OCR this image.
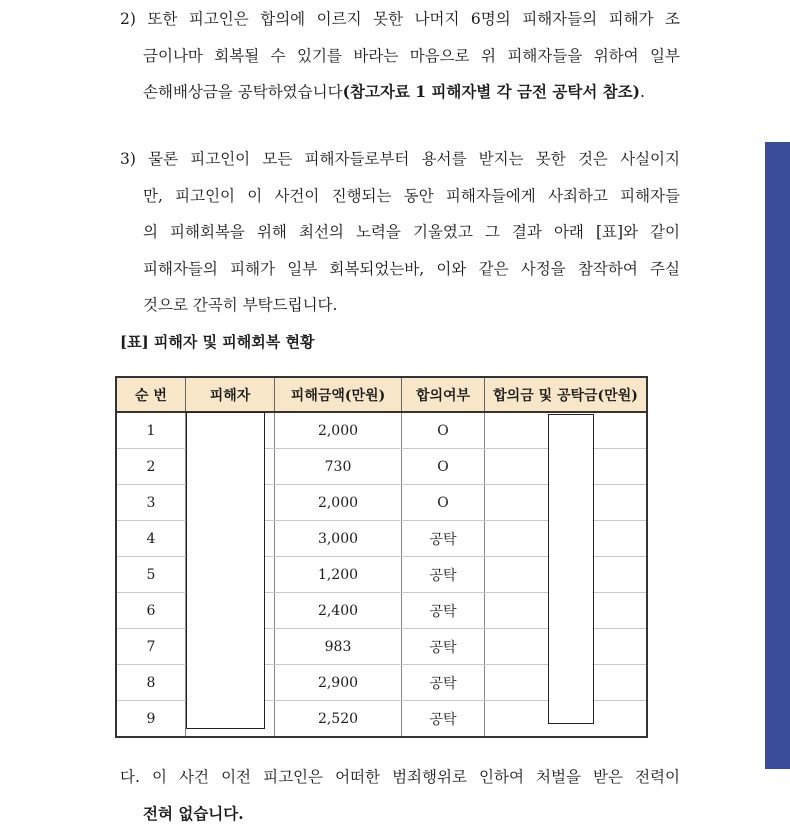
2) 또한 피고인은 합의에 이르지 못한 나머지 6명의 피해자들의 피해가 조
금이나마 회복될 수 있기를 바라는 마음으로 위 피해자들을 위하여 일부
손해배상금을 공탁하였습니다(참고자료 1 피해자별 각 금전 공탁서 참조).
3) 물론 피고인이 모든 피해자들로부터 용서를 받지는 못한 것은 사실이지
만, 피고인이 이 사건이 진행되는 동안 피해자들에게 사죄하고 피해자들
의 피해회복을 위해 최선의 노력을 기울였고 그 결과 아래 [표]와 같이
피해자들의 피해가 일부 회복되었는바, 이와 같은 사정을 참작하여 주실
것으로 간곡히 부탁드립니다.
[표] 피해자 및 피해회복 현황
순 번	피해자	피해금액(만원)	합의여부	합의금 및 공탁금(만원)
1		2,000	O	
2		730	O	
3		2,000	O	
4		3,000	공탁	
5		1,200	공탁	
6		2,400	공탁	
7		983	공탁	
8		2,900	공탁	
9		2,520	공탁	
다. 이 사건 이전 피고인은 어떠한 범죄행위로 인하여 처벌을 받은 전력이
전혀 없습니다.
